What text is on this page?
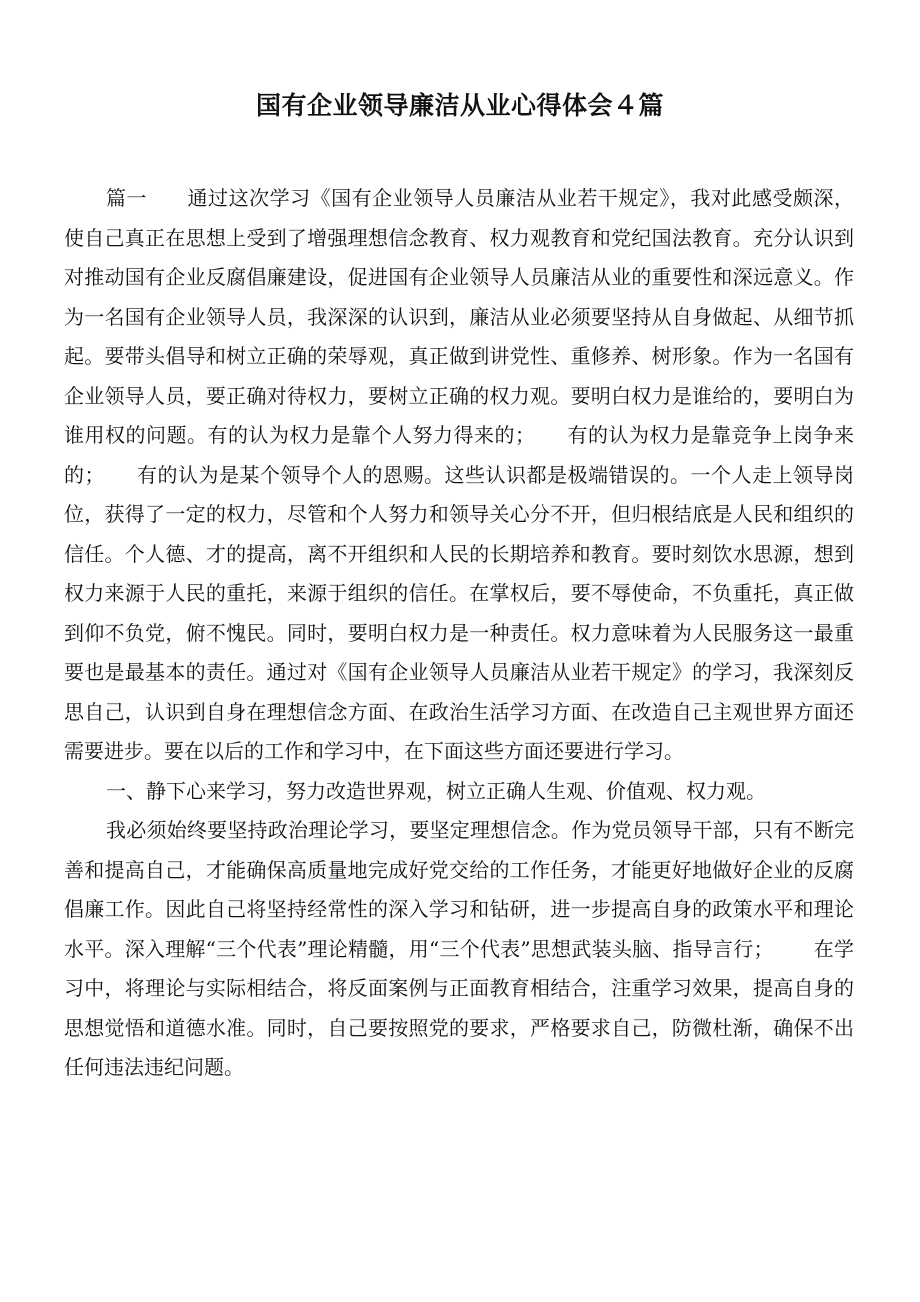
国有企业领导廉洁从业心得体会４篇

篇一 通过这次学习《国有企业领导人员廉洁从业若干规定》，我对此感受颇深，使自己真正在思想上受到了增强理想信念教育、权力观教育和党纪国法教育。充分认识到对推动国有企业反腐倡廉建设，促进国有企业领导人员廉洁从业的重要性和深远意义。作为一名国有企业领导人员，我深深的认识到，廉洁从业必须要坚持从自身做起、从细节抓起。要带头倡导和树立正确的荣辱观，真正做到讲党性、重修养、树形象。作为一名国有企业领导人员，要正确对待权力，要树立正确的权力观。要明白权力是谁给的，要明白为谁用权的问题。有的认为权力是靠个人努力得来的； 有的认为权力是靠竞争上岗争来的； 有的认为是某个领导个人的恩赐。这些认识都是极端错误的。一个人走上领导岗位，获得了一定的权力，尽管和个人努力和领导关心分不开，但归根结底是人民和组织的信任。个人德、才的提高，离不开组织和人民的长期培养和教育。要时刻饮水思源，想到权力来源于人民的重托，来源于组织的信任。在掌权后，要不辱使命，不负重托，真正做到仰不负党，俯不愧民。同时，要明白权力是一种责任。权力意味着为人民服务这一最重要也是最基本的责任。通过对《国有企业领导人员廉洁从业若干规定》的学习，我深刻反思自己，认识到自身在理想信念方面、在政治生活学习方面、在改造自己主观世界方面还需要进步。要在以后的工作和学习中，在下面这些方面还要进行学习。

一、静下心来学习，努力改造世界观，树立正确人生观、价值观、权力观。

我必须始终要坚持政治理论学习，要坚定理想信念。作为党员领导干部，只有不断完善和提高自己，才能确保高质量地完成好党交给的工作任务，才能更好地做好企业的反腐倡廉工作。因此自己将坚持经常性的深入学习和钻研，进一步提高自身的政策水平和理论水平。深入理解“三个代表”理论精髓，用“三个代表”思想武装头脑、指导言行； 在学习中，将理论与实际相结合，将反面案例与正面教育相结合，注重学习效果，提高自身的思想觉悟和道德水准。同时，自己要按照党的要求，严格要求自己，防微杜渐，确保不出任何违法违纪问题。
